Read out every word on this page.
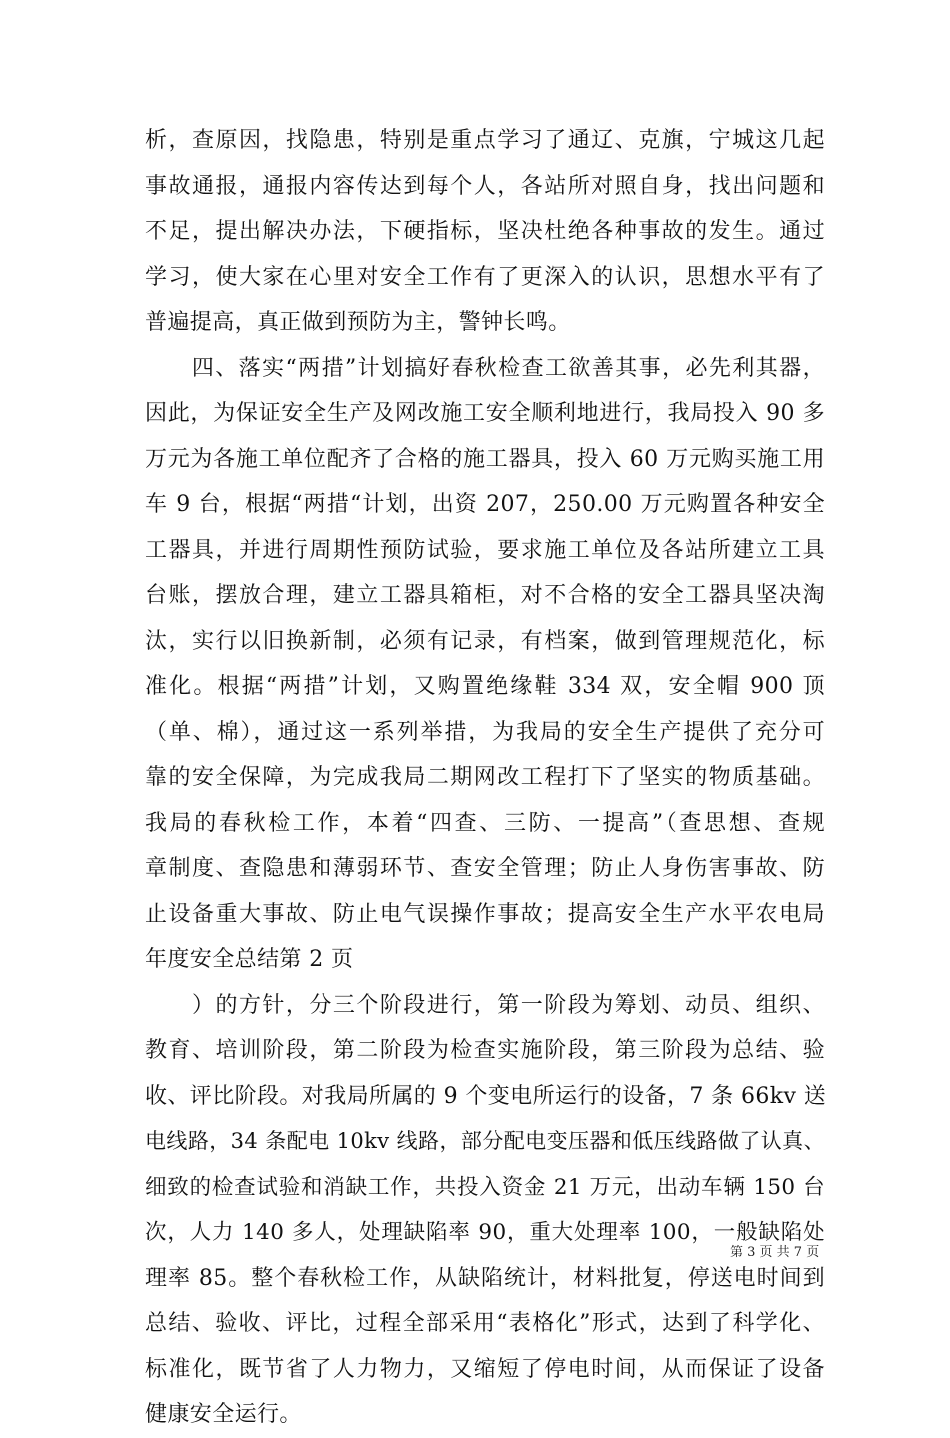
析，查原因，找隐患，特别是重点学习了通辽、克旗，宁城这几起
事故通报，通报内容传达到每个人，各站所对照自身，找出问题和
不足，提出解决办法，下硬指标，坚决杜绝各种事故的发生。通过
学习，使大家在心里对安全工作有了更深入的认识，思想水平有了
普遍提高，真正做到预防为主，警钟长鸣。
　　四、落实“两措”计划搞好春秋检查工欲善其事，必先利其器，
因此，为保证安全生产及网改施工安全顺利地进行，我局投入 90 多
万元为各施工单位配齐了合格的施工器具，投入 60 万元购买施工用
车 9 台，根据“两措“计划，出资 207，250.00 万元购置各种安全
工器具，并进行周期性预防试验，要求施工单位及各站所建立工具
台账，摆放合理，建立工器具箱柜，对不合格的安全工器具坚决淘
汰，实行以旧换新制，必须有记录，有档案，做到管理规范化，标
准化。根据“两措”计划，又购置绝缘鞋 334 双，安全帽 900 顶
（单、棉），通过这一系列举措，为我局的安全生产提供了充分可
靠的安全保障，为完成我局二期网改工程打下了坚实的物质基础。
我局的春秋检工作，本着“四查、三防、一提高”（查思想、查规
章制度、查隐患和薄弱环节、查安全管理；防止人身伤害事故、防
止设备重大事故、防止电气误操作事故；提高安全生产水平农电局
年度安全总结第 2 页
　　）的方针，分三个阶段进行，第一阶段为筹划、动员、组织、
教育、培训阶段，第二阶段为检查实施阶段，第三阶段为总结、验
收、评比阶段。对我局所属的 9 个变电所运行的设备，7 条 66kv 送
电线路，34 条配电 10kv 线路，部分配电变压器和低压线路做了认真、
细致的检查试验和消缺工作，共投入资金 21 万元，出动车辆 150 台
次，人力 140 多人，处理缺陷率 90，重大处理率 100，一般缺陷处
理率 85。整个春秋检工作，从缺陷统计，材料批复，停送电时间到
总结、验收、评比，过程全部采用“表格化”形式，达到了科学化、
标准化，既节省了人力物力，又缩短了停电时间，从而保证了设备
健康安全运行。
第 3 页 共 7 页
